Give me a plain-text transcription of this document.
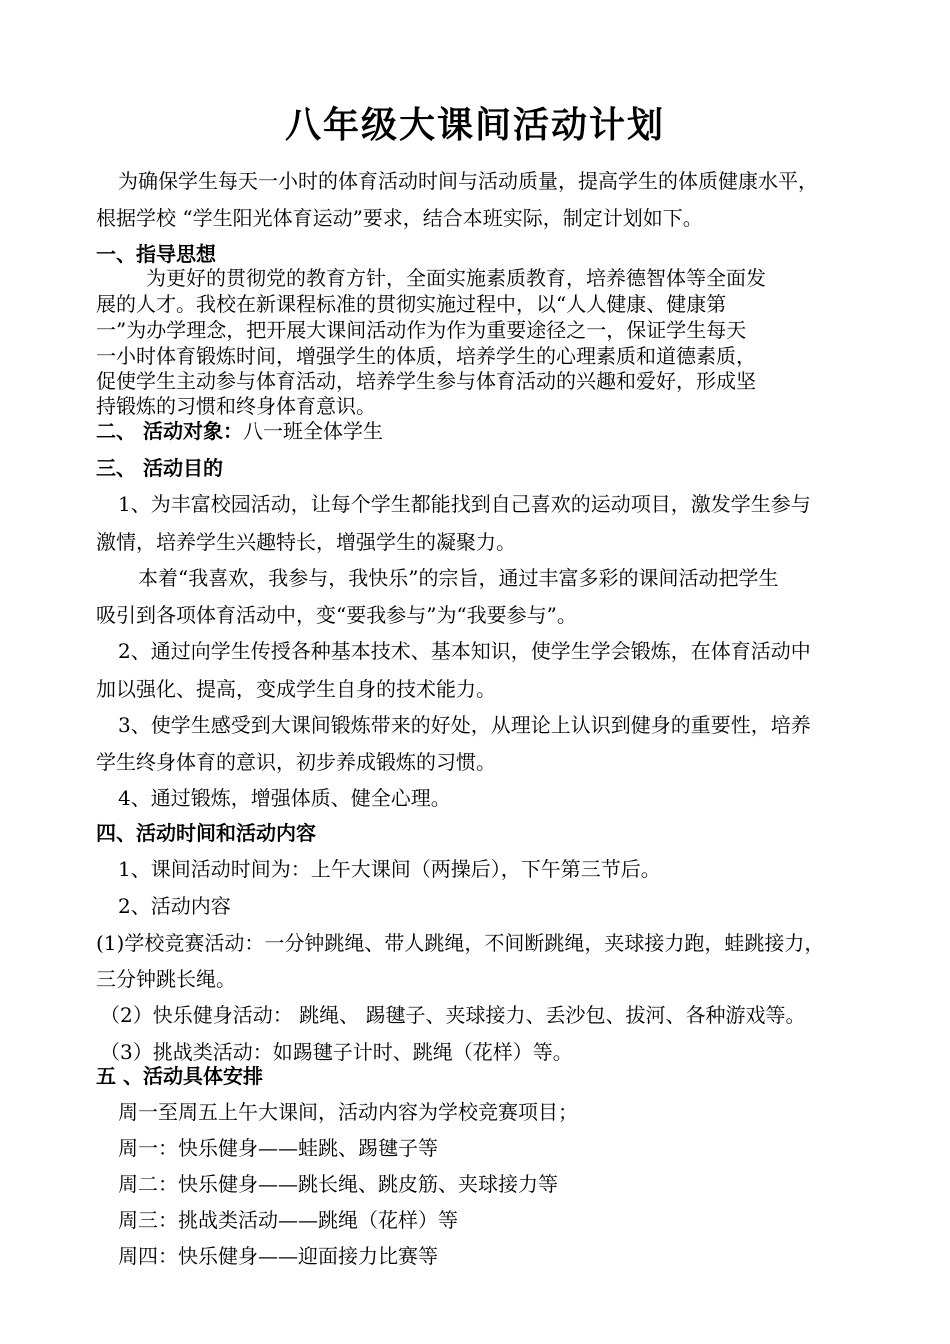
八年级大课间活动计划
为确保学生每天一小时的体育活动时间与活动质量，提高学生的体质健康水平，
根据学校 “学生阳光体育运动”要求，结合本班实际，制定计划如下。
一、指导思想
为更好的贯彻党的教育方针，全面实施素质教育，培养德智体等全面发
展的人才。我校在新课程标准的贯彻实施过程中，以“人人健康、健康第
一”为办学理念，把开展大课间活动作为作为重要途径之一，保证学生每天
一小时体育锻炼时间，增强学生的体质，培养学生的心理素质和道德素质，
促使学生主动参与体育活动，培养学生参与体育活动的兴趣和爱好，形成坚
持锻炼的习惯和终身体育意识。
二、 活动对象：八一班全体学生
三、 活动目的
1、为丰富校园活动，让每个学生都能找到自己喜欢的运动项目，激发学生参与
激情，培养学生兴趣特长，增强学生的凝聚力。
本着“我喜欢，我参与，我快乐”的宗旨，通过丰富多彩的课间活动把学生
吸引到各项体育活动中，变“要我参与”为“我要参与”。
2、通过向学生传授各种基本技术、基本知识，使学生学会锻炼，在体育活动中
加以强化、提高，变成学生自身的技术能力。
3、使学生感受到大课间锻炼带来的好处，从理论上认识到健身的重要性，培养
学生终身体育的意识，初步养成锻炼的习惯。
4、通过锻炼，增强体质、健全心理。
四、活动时间和活动内容
1、课间活动时间为：上午大课间（两操后），下午第三节后。
2、活动内容
(1)学校竞赛活动：一分钟跳绳、带人跳绳，不间断跳绳，夹球接力跑，蛙跳接力，
三分钟跳长绳。
（2）快乐健身活动： 跳绳、 踢毽子、夹球接力、丢沙包、拔河、各种游戏等。
（3）挑战类活动：如踢毽子计时、跳绳（花样）等。
五 、活动具体安排
周一至周五上午大课间，活动内容为学校竞赛项目；
周一：快乐健身——蛙跳、踢毽子等
周二：快乐健身——跳长绳、跳皮筋、夹球接力等
周三：挑战类活动——跳绳（花样）等
周四：快乐健身——迎面接力比赛等
